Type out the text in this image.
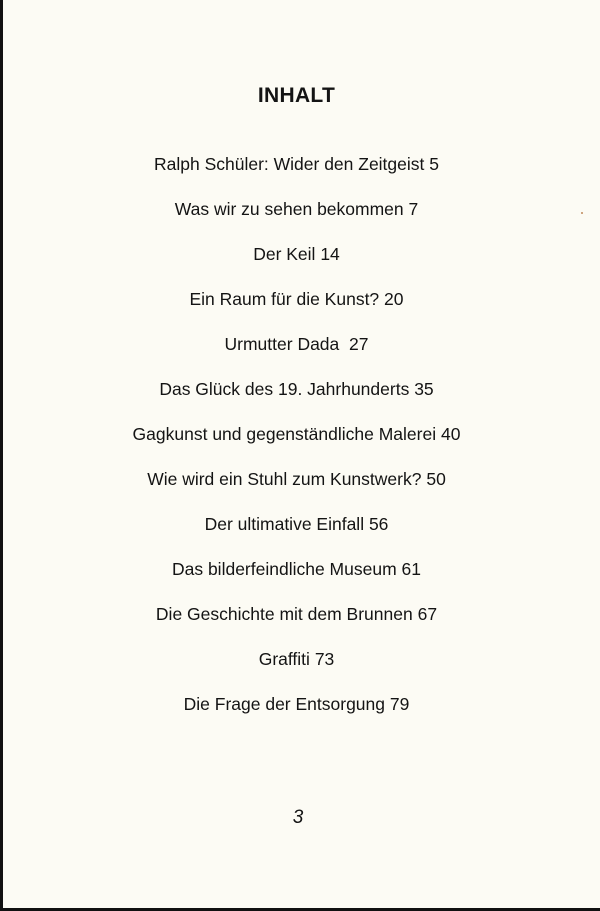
INHALT
Ralph Schüler: Wider den Zeitgeist 5
Was wir zu sehen bekommen 7
Der Keil 14
Ein Raum für die Kunst? 20
Urmutter Dada  27
Das Glück des 19. Jahrhunderts 35
Gagkunst und gegenständliche Malerei 40
Wie wird ein Stuhl zum Kunstwerk? 50
Der ultimative Einfall 56
Das bilderfeindliche Museum 61
Die Geschichte mit dem Brunnen 67
Graffiti 73
Die Frage der Entsorgung 79
3
